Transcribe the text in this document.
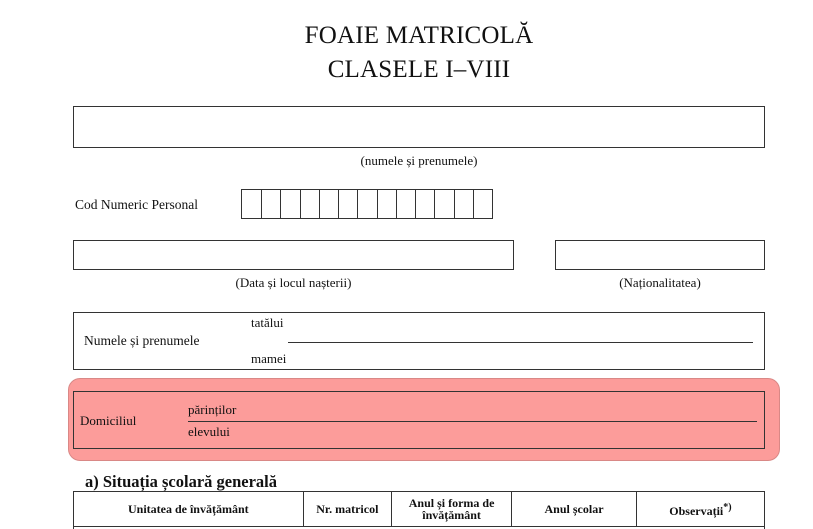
FOAIE MATRICOLĂ
CLASELE I–VIII
(numele și prenumele)
Cod Numeric Personal
(Data și locul nașterii)	(Naționalitatea)
Numele și prenumele
tatălui
mamei
Domiciliul
părinților
elevului
a) Situația școlară generală
Unitatea de învățământ	Nr. matricol	Anul și forma de învățământ	Anul școlar	Observații*)
